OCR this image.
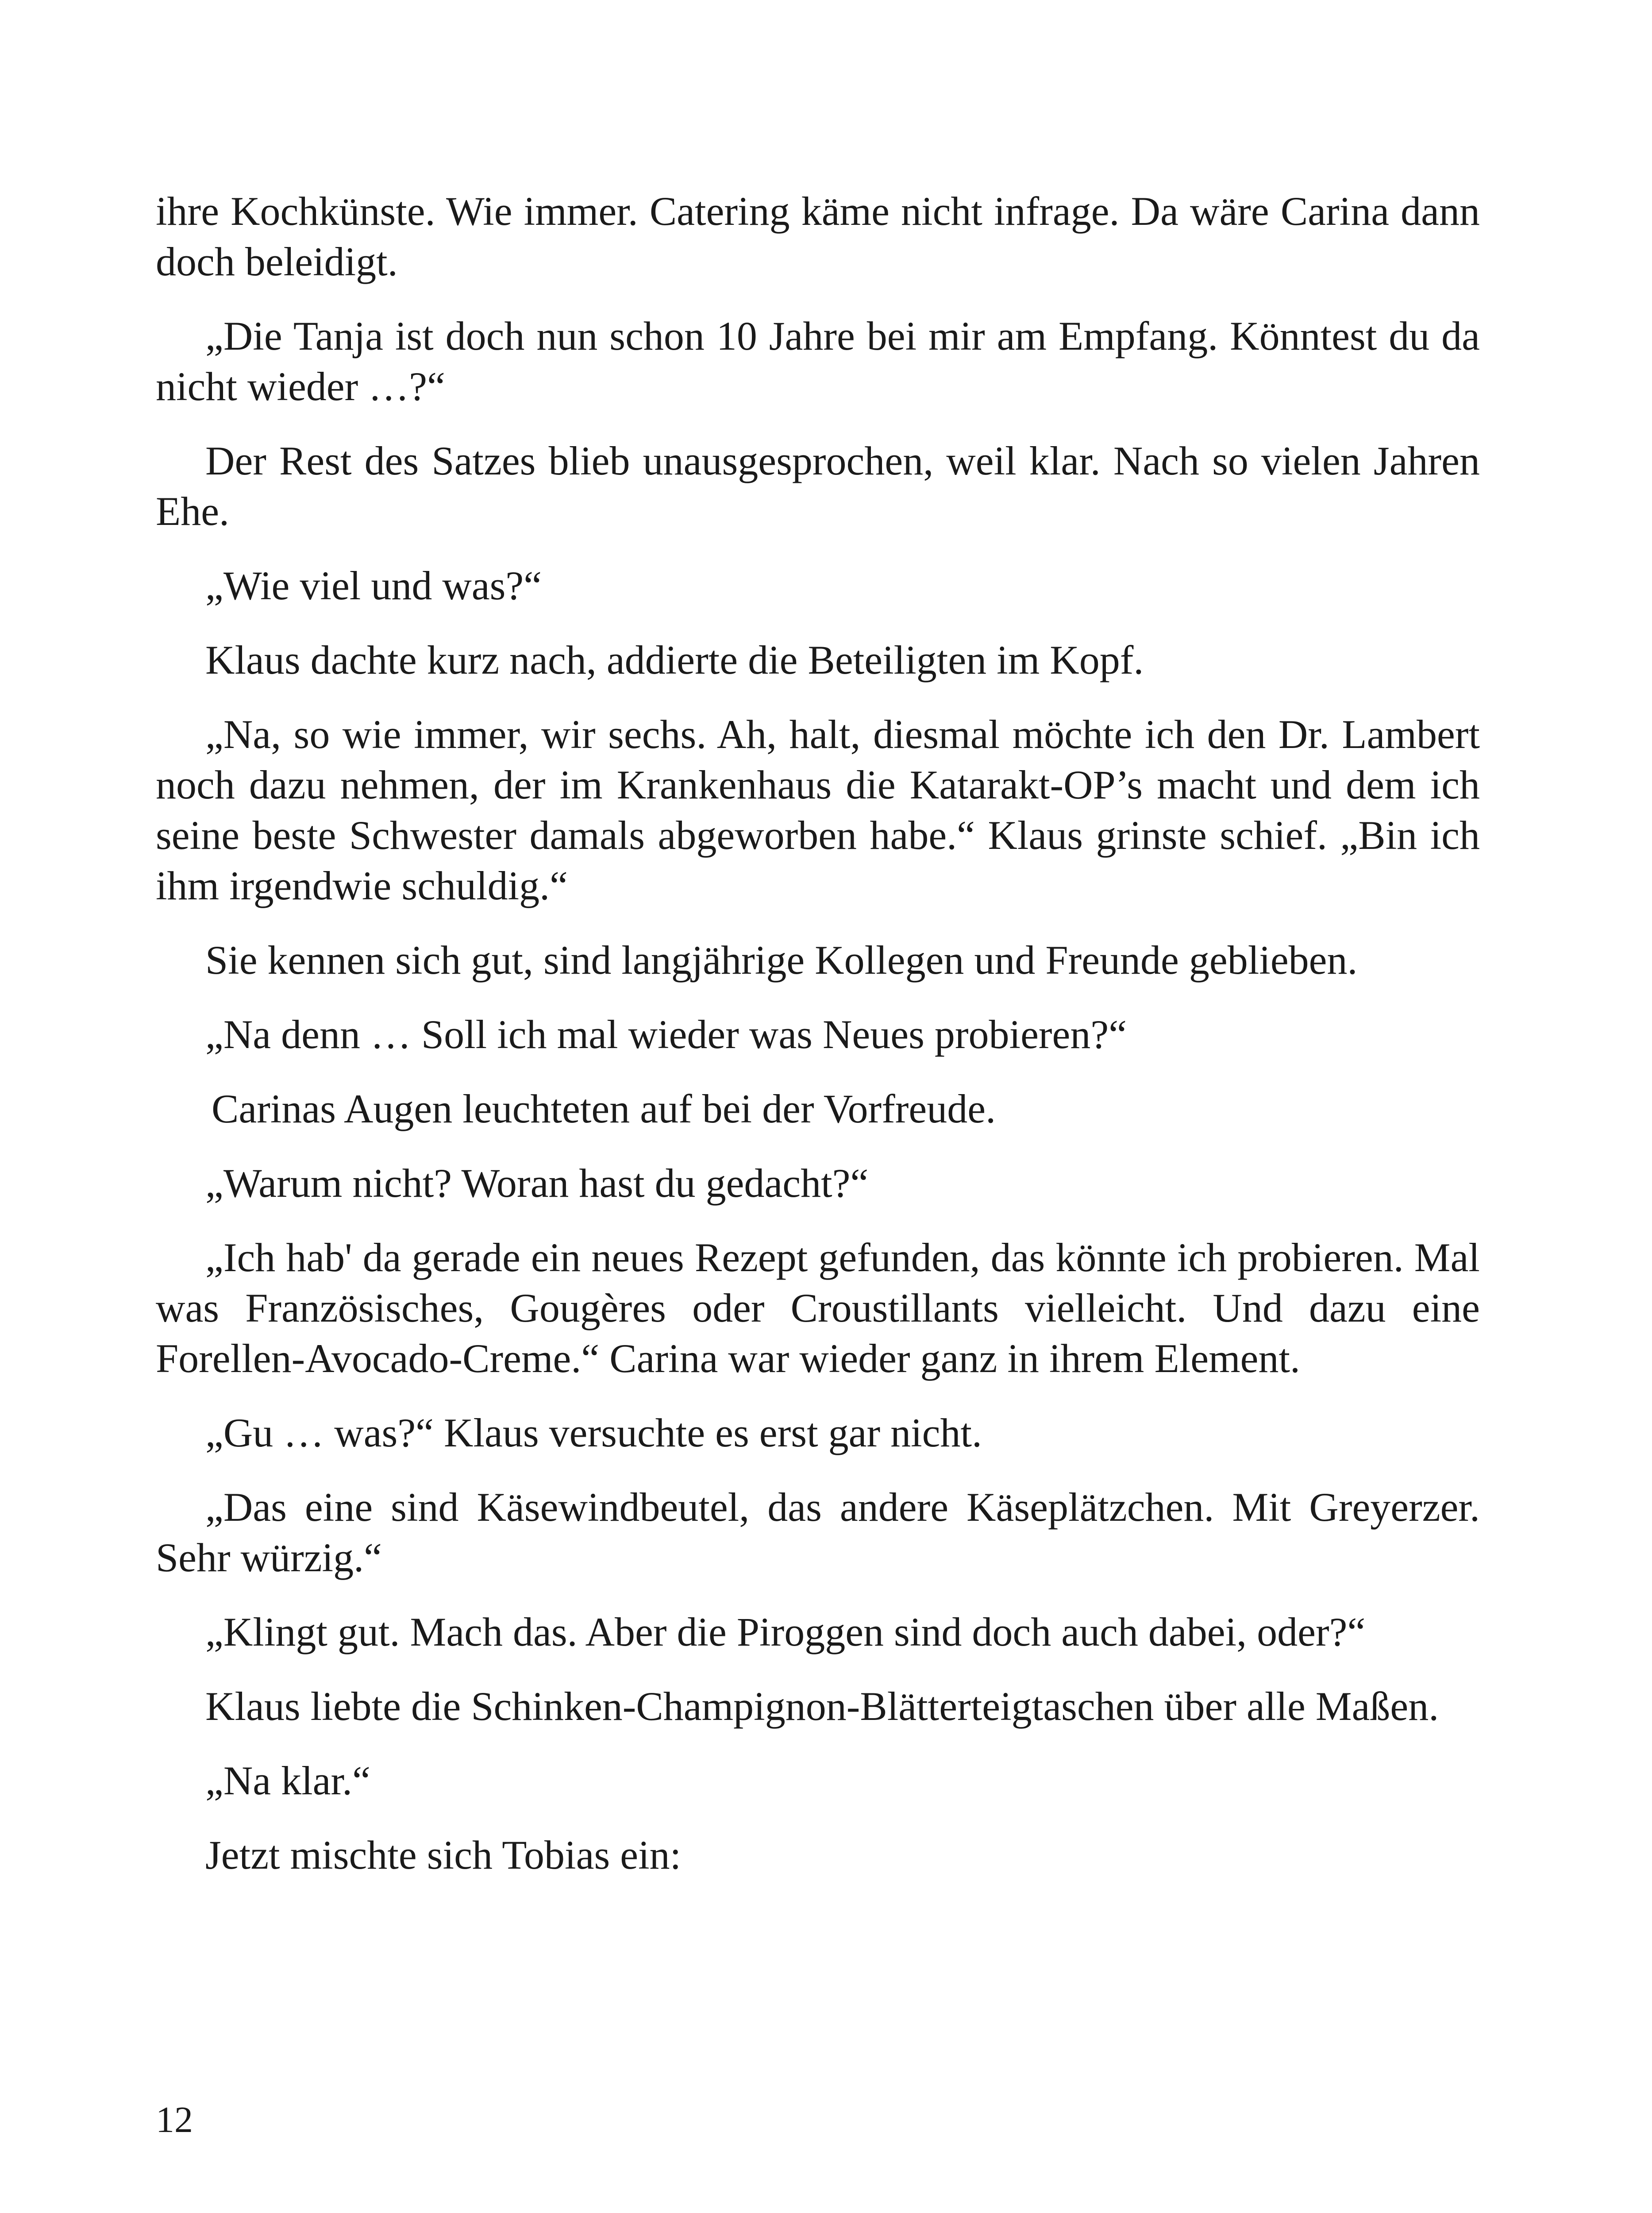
ihre Kochkünste. Wie immer. Catering käme nicht infrage. Da wäre Carina dann doch beleidigt.

„Die Tanja ist doch nun schon 10 Jahre bei mir am Empfang. Könntest du da nicht wieder …?“

Der Rest des Satzes blieb unausgesprochen, weil klar. Nach so vielen Jahren Ehe.

„Wie viel und was?“

Klaus dachte kurz nach, addierte die Beteiligten im Kopf.

„Na, so wie immer, wir sechs. Ah, halt, diesmal möchte ich den Dr. Lambert noch dazu nehmen, der im Krankenhaus die Katarakt-OP’s macht und dem ich seine beste Schwester damals abgeworben habe.“ Klaus grinste schief. „Bin ich ihm irgendwie schuldig.“

Sie kennen sich gut, sind langjährige Kollegen und Freunde geblieben.

„Na denn … Soll ich mal wieder was Neues probieren?“

Carinas Augen leuchteten auf bei der Vorfreude.

„Warum nicht? Woran hast du gedacht?“

„Ich hab' da gerade ein neues Rezept gefunden, das könnte ich probieren. Mal was Französisches, Gougères oder Croustillants vielleicht. Und dazu eine Forellen-Avocado-Creme.“ Carina war wieder ganz in ihrem Element.

„Gu … was?“ Klaus versuchte es erst gar nicht.

„Das eine sind Käsewindbeutel, das andere Käseplätzchen. Mit Greyerzer. Sehr würzig.“

„Klingt gut. Mach das. Aber die Piroggen sind doch auch dabei, oder?“

Klaus liebte die Schinken-Champignon-Blätterteigtaschen über alle Maßen.

„Na klar.“

Jetzt mischte sich Tobias ein:

12
